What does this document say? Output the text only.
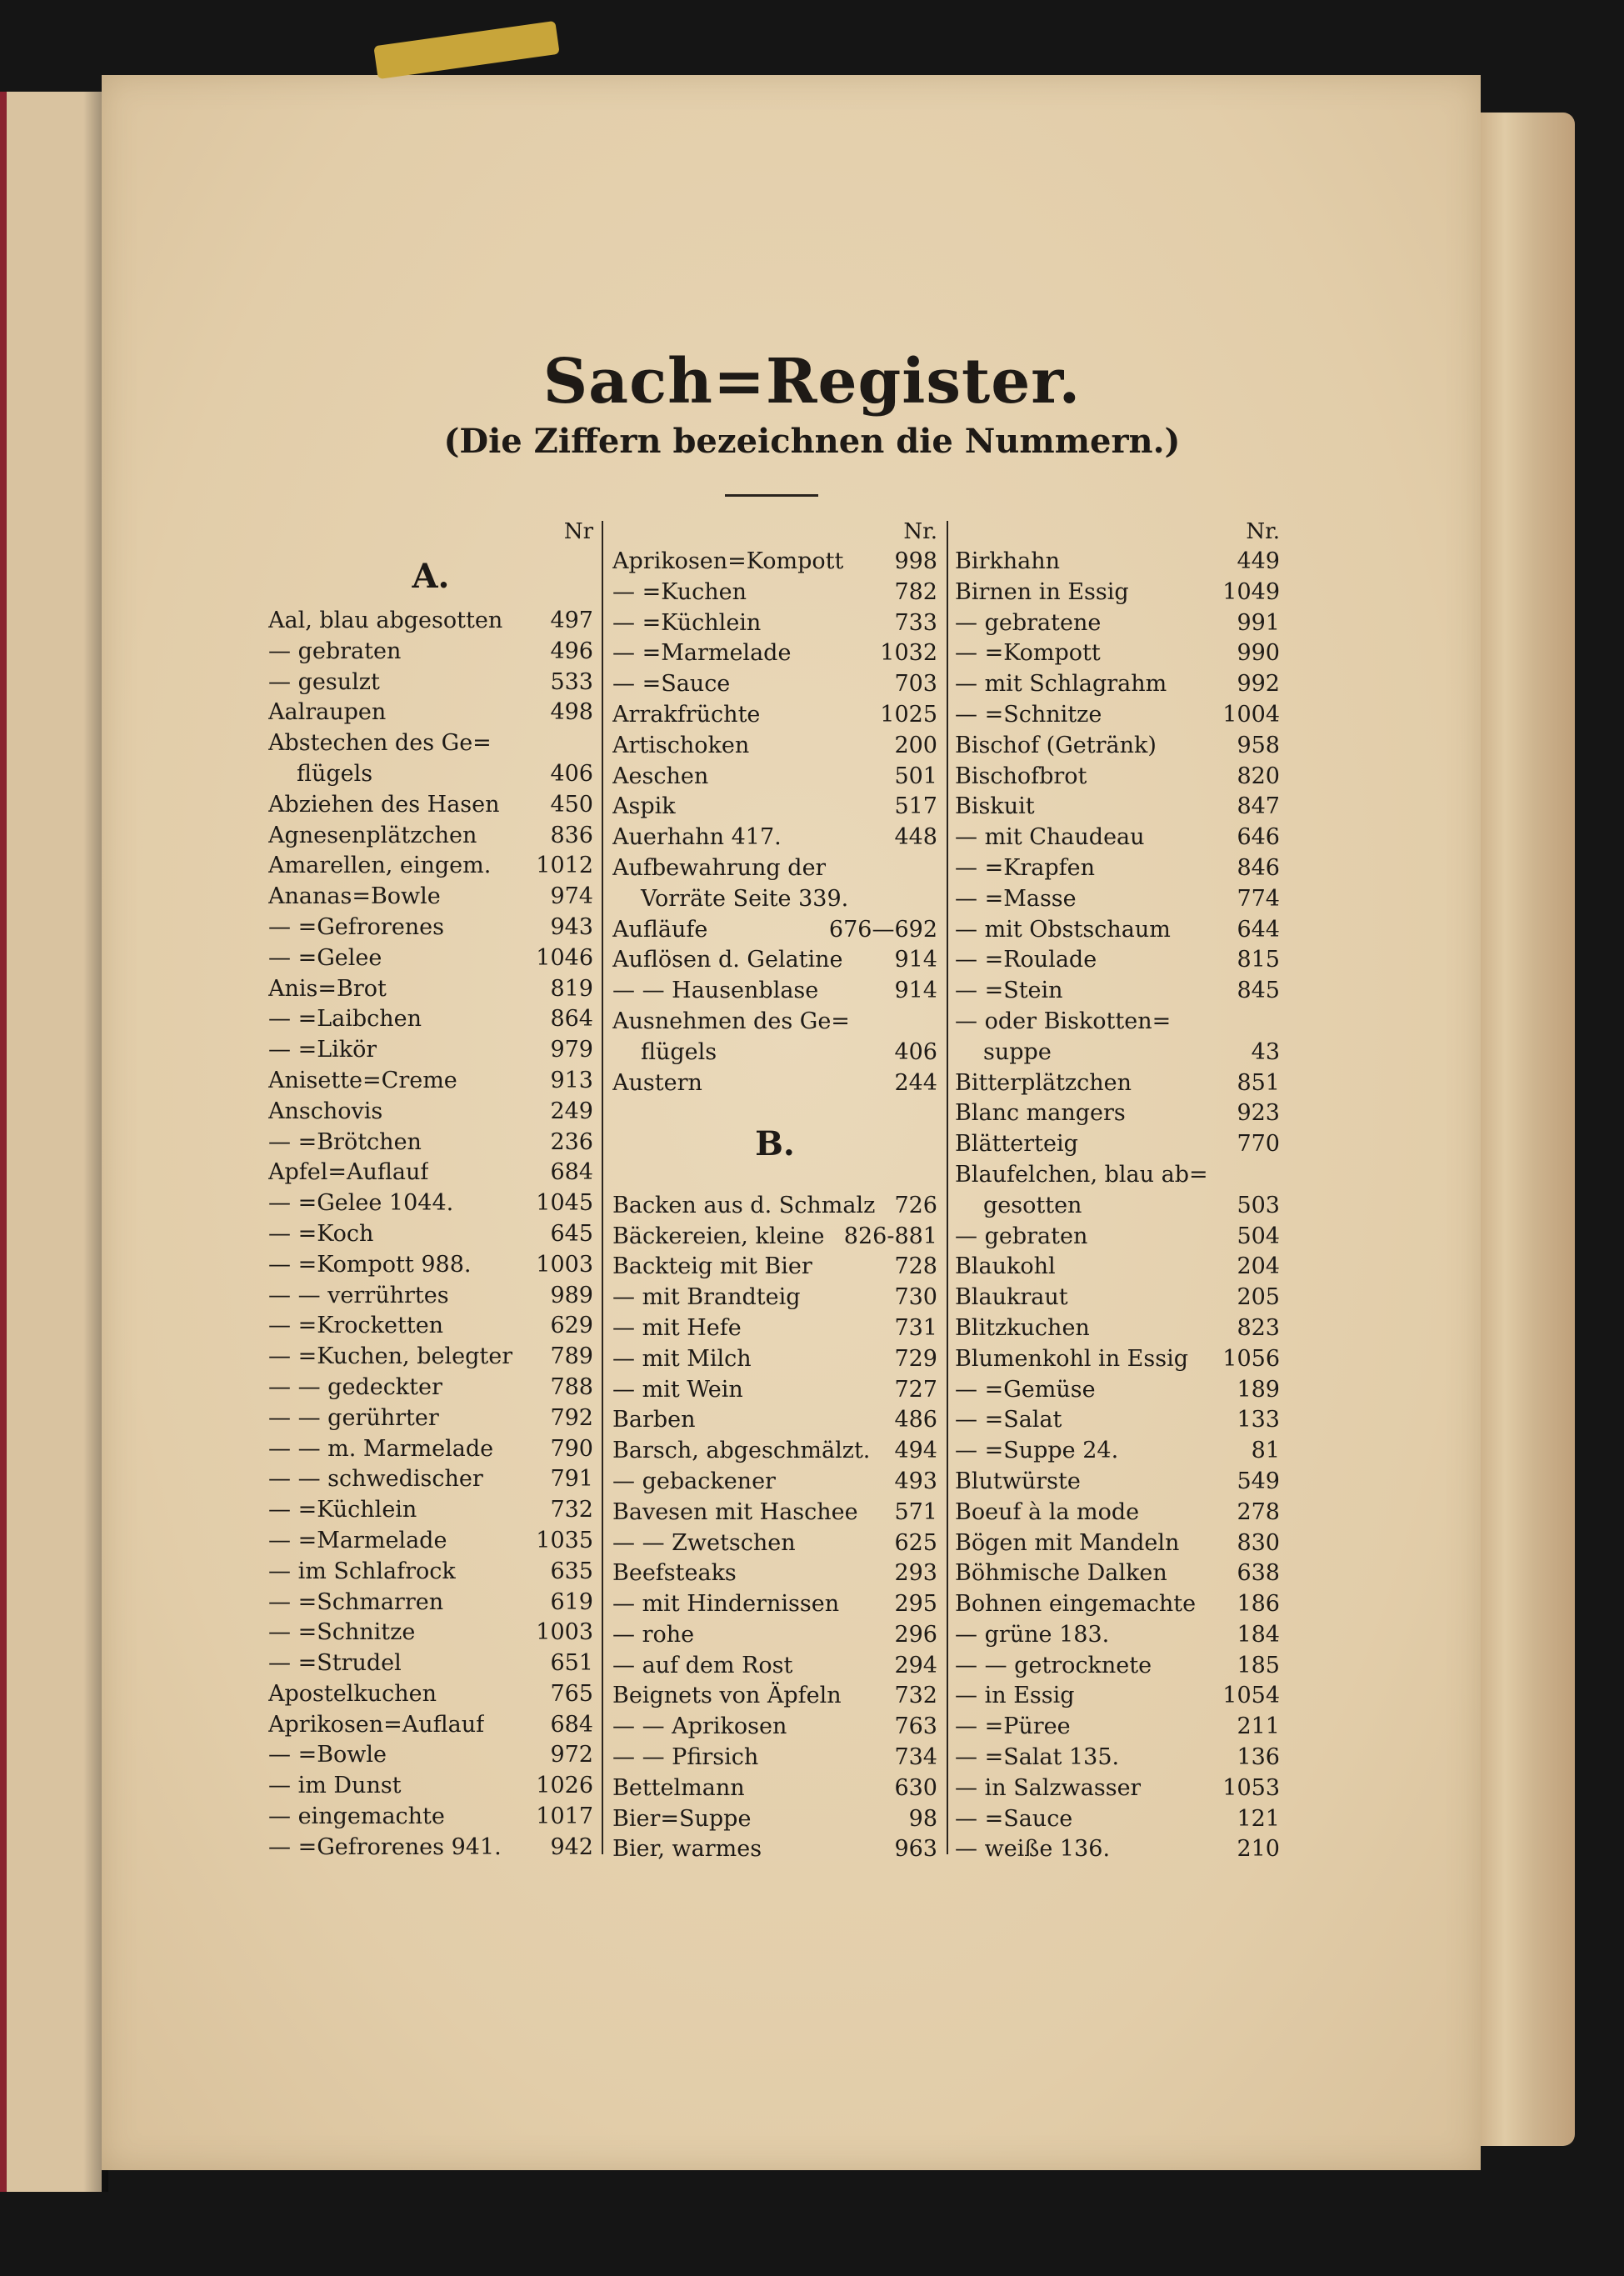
Sach=Register.
(Die Ziffern bezeichnen die Nummern.)
Nr
A.
Aal, blau abgesotten 497
— gebraten	496
— gesulzt	533
Aalraupen	498
Abstechen des Ge=
flügels	406
Abziehen des Hasen 450
Agnesenplätzchen	836
Amarellen, eingem. 1012
Ananas=Bowle	974
— =Gefrorenes	943
— =Gelee	1046
Anis=Brot	819
— =Laibchen	864
— =Likör	979
Anisette=Creme	913
Anschovis	249
— =Brötchen	236
Apfel=Auflauf	684
— =Gelee 1044.	1045
— =Koch	645
— =Kompott 988.	1003
— — verrührtes	989
— =Krocketten	629
— =Kuchen, belegter 789
— — gedeckter	788
— — gerührter	792
— — m. Marmelade	790
— — schwedischer	791
— =Küchlein	732
— =Marmelade	1035
— im Schlafrock	635
— =Schmarren	619
— =Schnitze	1003
— =Strudel	651
Apostelkuchen	765
Aprikosen=Auflauf	684
— =Bowle	972
— im Dunst	1026
— eingemachte	1017
— =Gefrorenes 941. 942
Nr.
Aprikosen=Kompott 998
— =Kuchen	782
— =Küchlein	733
— =Marmelade	1032
— =Sauce	703
Arrakfrüchte	1025
Artischoken	200
Aeschen	501
Aspik	517
Auerhahn 417.	448
Aufbewahrung der
Vorräte Seite 339.
Aufläufe	676—692
Auflösen d. Gelatine 914
— — Hausenblase	914
Ausnehmen des Ge=
flügels	406
Austern	244
B.
Backen aus d. Schmalz 726
Bäckereien, kleine 826-881
Backteig mit Bier	728
— mit Brandteig	730
— mit Hefe	731
— mit Milch	729
— mit Wein	727
Barben	486
Barsch, abgeschmälzt. 494
— gebackener	493
Bavesen mit Haschee 571
— — Zwetschen	625
Beefsteaks	293
— mit Hindernissen 295
— rohe	296
— auf dem Rost	294
Beignets von Äpfeln 732
— — Aprikosen	763
— — Pfirsich	734
Bettelmann	630
Bier=Suppe	98
Bier, warmes	963
Nr.
Birkhahn	449
Birnen in Essig	1049
— gebratene	991
— =Kompott	990
— mit Schlagrahm	992
— =Schnitze	1004
Bischof (Getränk)	958
Bischofbrot	820
Biskuit	847
— mit Chaudeau	646
— =Krapfen	846
— =Masse	774
— mit Obstschaum	644
— =Roulade	815
— =Stein	845
— oder Biskotten=
suppe	43
Bitterplätzchen	851
Blanc mangers	923
Blätterteig	770
Blaufelchen, blau ab=
gesotten	503
— gebraten	504
Blaukohl	204
Blaukraut	205
Blitzkuchen	823
Blumenkohl in Essig 1056
— =Gemüse	189
— =Salat	133
— =Suppe 24.	81
Blutwürste	549
Boeuf à la mode	278
Bögen mit Mandeln	830
Böhmische Dalken	638
Bohnen eingemachte 186
— grüne 183.	184
— — getrocknete	185
— in Essig	1054
— =Püree	211
— =Salat 135.	136
— in Salzwasser	1053
— =Sauce	121
— weiße 136.	210
